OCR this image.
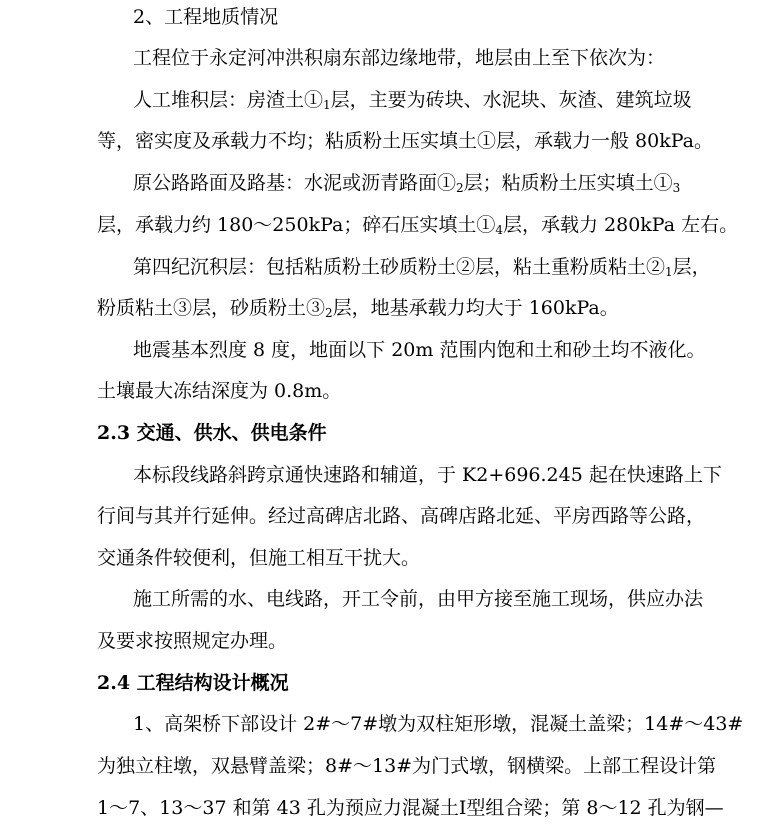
2、工程地质情况
工程位于永定河冲洪积扇东部边缘地带，地层由上至下依次为：
人工堆积层：房渣土$①_1$层，主要为砖块、水泥块、灰渣、建筑垃圾
等，密实度及承载力不均；粘质粉土压实填土①层，承载力一般 80kPa。
原公路路面及路基：水泥或沥青路面$①_2$层；粘质粉土压实填土$①_3$
层，承载力约 180～250kPa；碎石压实填土$①_4$层，承载力 280kPa 左右。
第四纪沉积层：包括粘质粉土砂质粉土②层，粘土重粉质粘土$②_1$层，
粉质粘土③层，砂质粉土$③_2$层，地基承载力均大于 160kPa。
地震基本烈度 8 度，地面以下 20m 范围内饱和土和砂土均不液化。
土壤最大冻结深度为 0.8m。
2.3 交通、供水、供电条件
本标段线路斜跨京通快速路和辅道，于 K2+696.245 起在快速路上下
行间与其并行延伸。经过高碑店北路、高碑店路北延、平房西路等公路，
交通条件较便利，但施工相互干扰大。
施工所需的水、电线路，开工令前，由甲方接至施工现场，供应办法
及要求按照规定办理。
2.4 工程结构设计概况
1、高架桥下部设计 2#～7#墩为双柱矩形墩，混凝土盖梁；14#～43#
为独立柱墩，双悬臂盖梁；8#～13#为门式墩，钢横梁。上部工程设计第
1～7、13～37 和第 43 孔为预应力混凝土Ⅰ型组合梁；第 8～12 孔为钢—
